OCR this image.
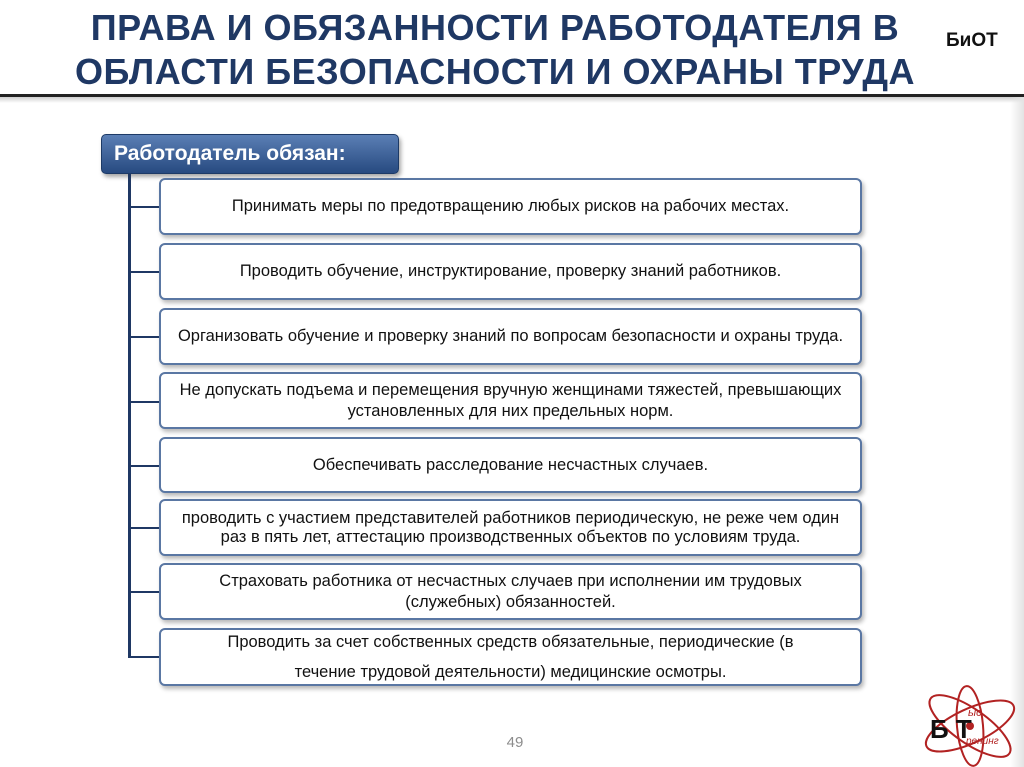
ПРАВА И ОБЯЗАННОСТИ РАБОТОДАТЕЛЯ В
ОБЛАСТИ БЕЗОПАСНОСТИ И ОХРАНЫ ТРУДА
БиОТ
Работодатель обязан:
Принимать меры по предотвращению любых рисков на рабочих местах.
Проводить обучение, инструктирование, проверку знаний работников.
Организовать обучение и проверку знаний по вопросам безопасности и охраны труда.
Не допускать подъема и перемещения вручную женщинами тяжестей, превышающих установленных для них предельных норм.
Обеспечивать расследование несчастных случаев.
проводить с участием представителей работников периодическую, не реже чем один раз в пять лет, аттестацию производственных объектов по условиям труда.
Страховать работника от несчастных случаев при исполнении им трудовых (служебных) обязанностей.
Проводить за счет собственных средств обязательные, периодические (в течение трудовой деятельности) медицинские осмотры.
49	Б Т
ыс
ренинг
